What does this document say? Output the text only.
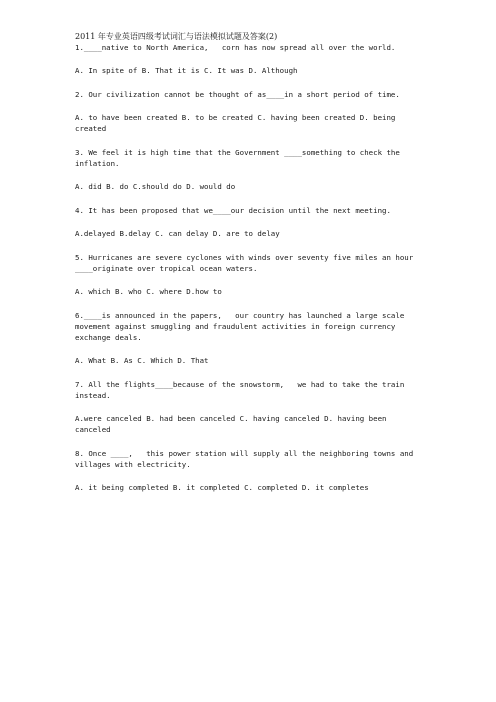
2011 年专业英语四级考试词汇与语法模拟试题及答案(2)

1.____native to North America,   corn has now spread all over the world.

A. In spite of B. That it is C. It was D. Although

2. Our civilization cannot be thought of as____in a short period of time.

A. to have been created B. to be created C. having been created D. being created

3. We feel it is high time that the Government ____something to check the inflation.

A. did B. do C.should do D. would do

4. It has been proposed that we____our decision until the next meeting.

A.delayed B.delay C. can delay D. are to delay

5. Hurricanes are severe cyclones with winds over seventy five miles an hour ____originate over tropical ocean waters.

A. which B. who C. where D.how to

6.____is announced in the papers,   our country has launched a large scale movement against smuggling and fraudulent activities in foreign currency exchange deals.

A. What B. As C. Which D. That

7. All the flights____because of the snowstorm,   we had to take the train instead.

A.were canceled B. had been canceled C. having canceled D. having been canceled

8. Once ____,   this power station will supply all the neighboring towns and villages with electricity.

A. it being completed B. it completed C. completed D. it completes
